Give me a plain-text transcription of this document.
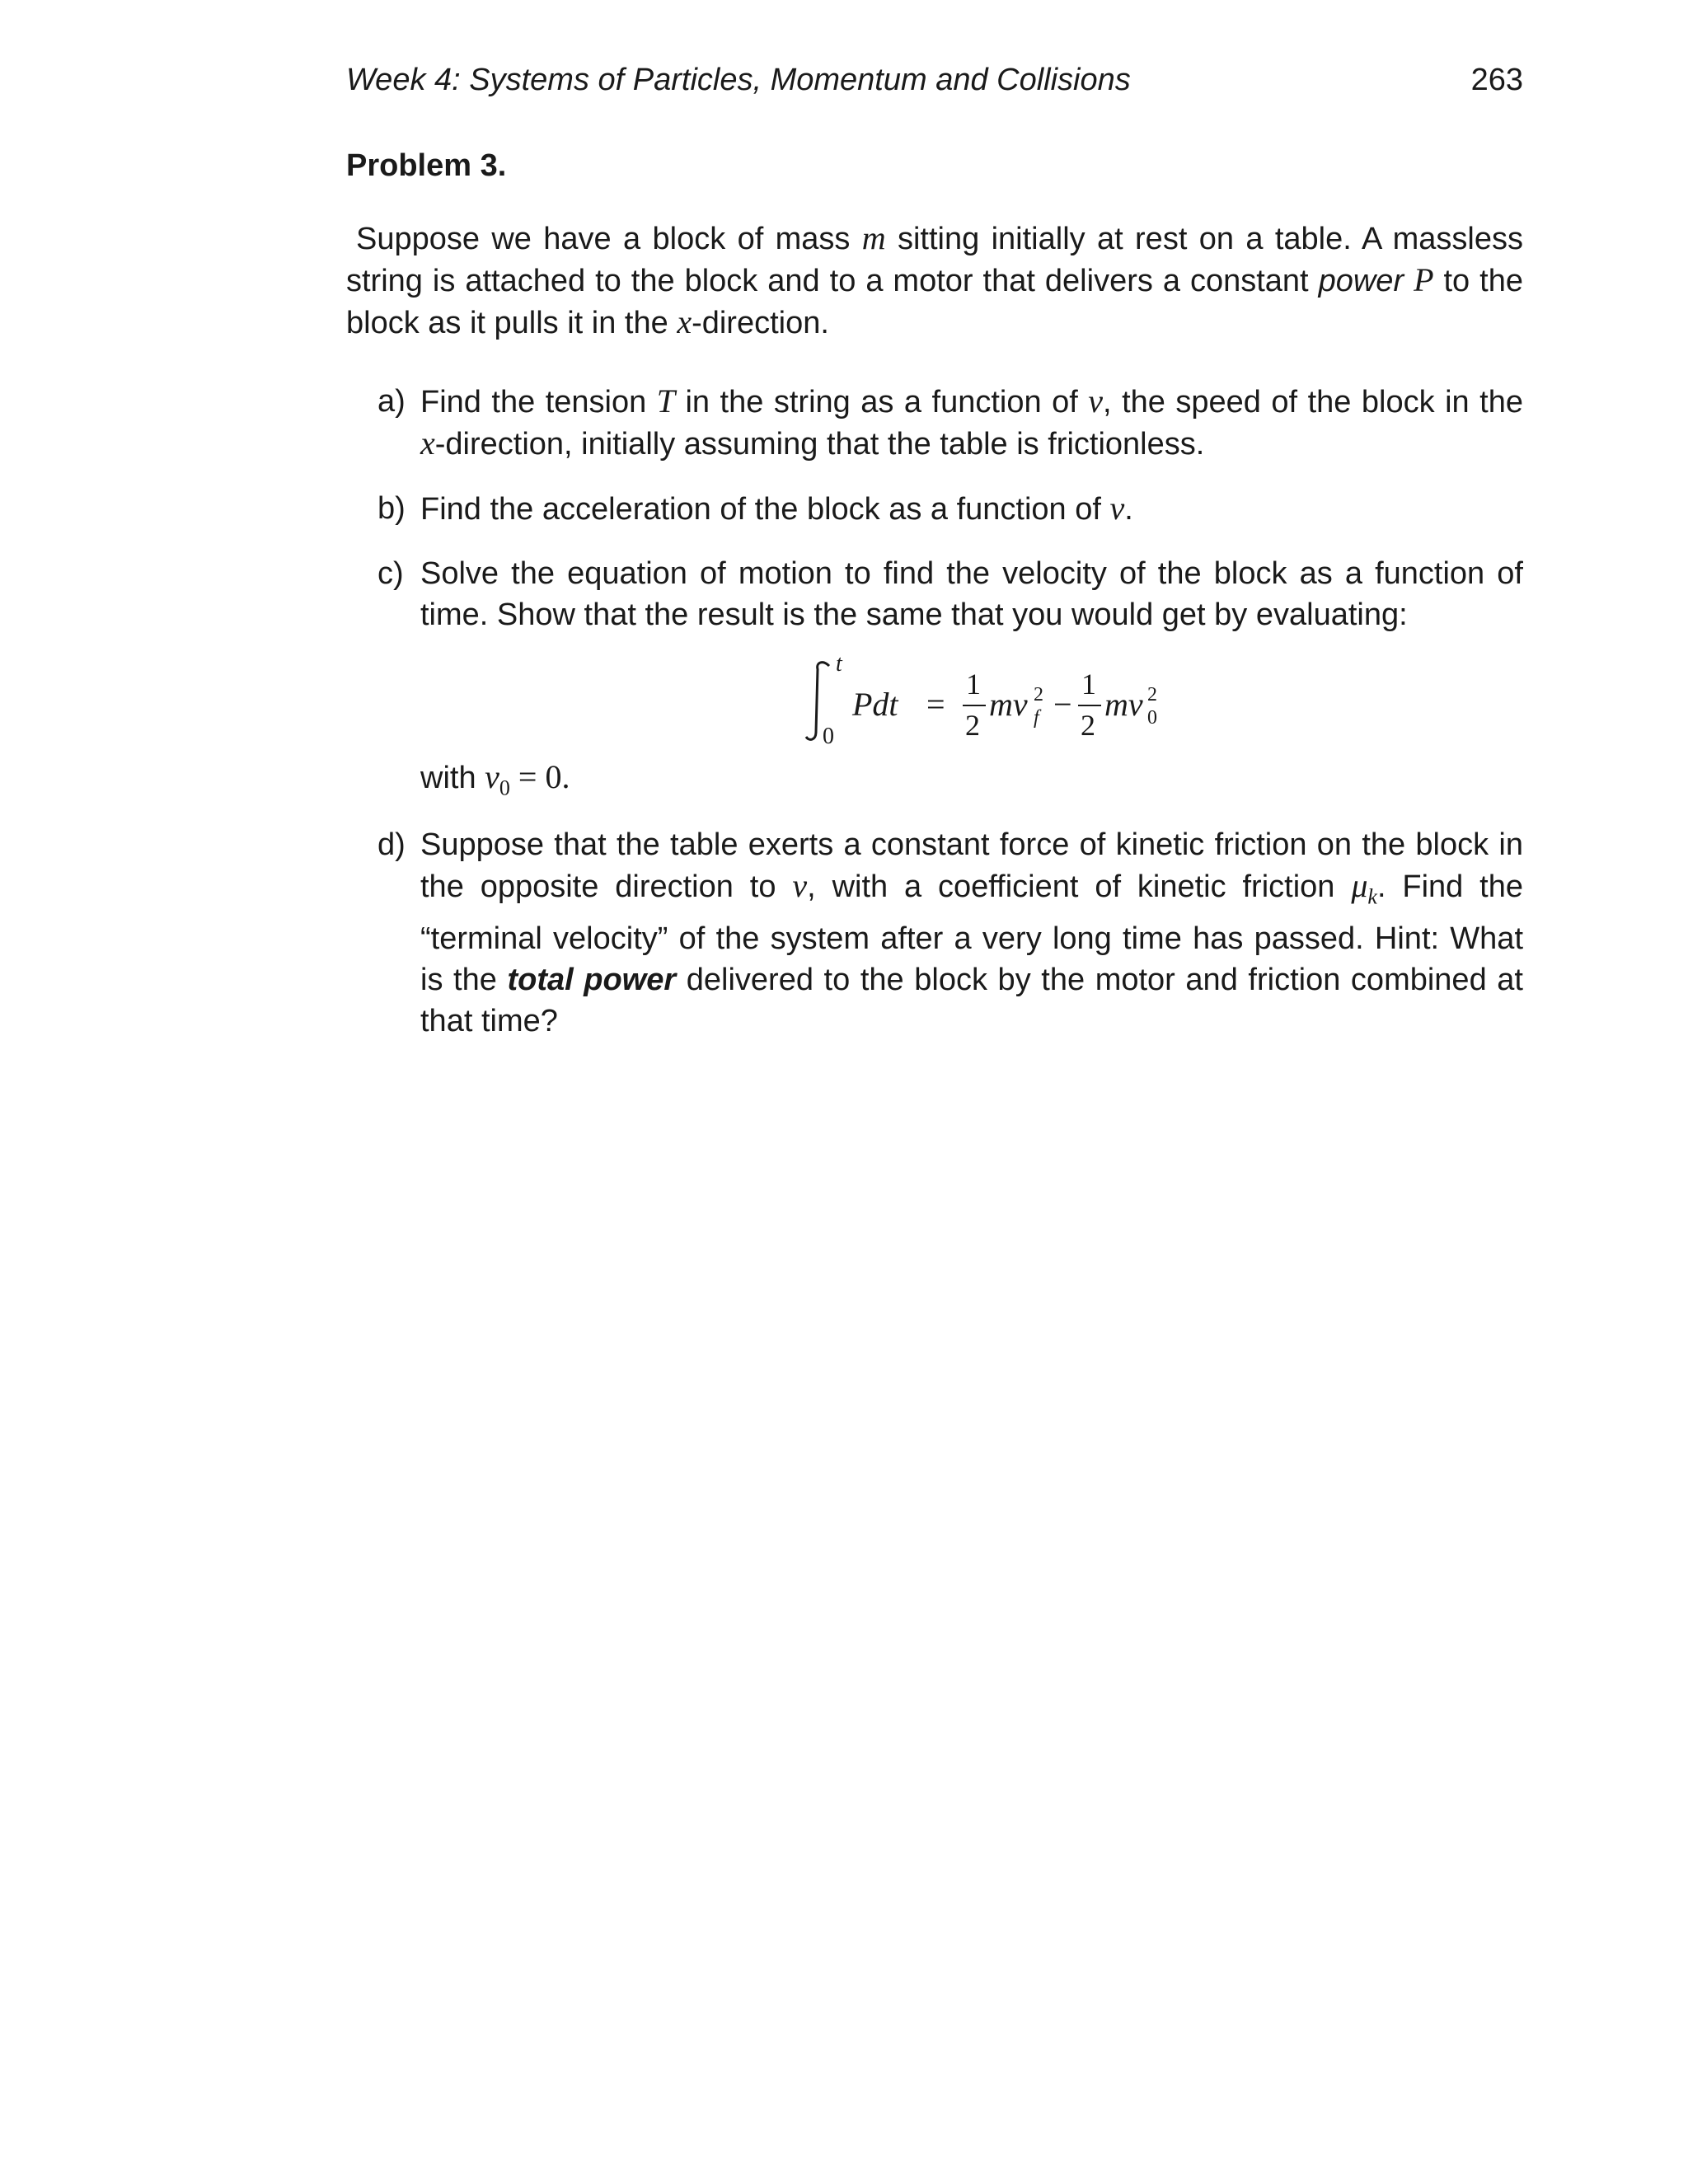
Week 4: Systems of Particles, Momentum and Collisions	263
Problem 3.
Suppose we have a block of mass m sitting initially at rest on a table. A massless string is attached to the block and to a motor that delivers a constant power P to the block as it pulls it in the x-direction.
a) Find the tension T in the string as a function of v, the speed of the block in the x-direction, initially assuming that the table is frictionless.
b) Find the acceleration of the block as a function of v.
c) Solve the equation of motion to find the velocity of the block as a function of time. Show that the result is the same that you would get by evaluating:
t
0
Pdt =
1
2
mv 2
f −
1
2
mv 2
0
with $v_0 = 0$.
d) Suppose that the table exerts a constant force of kinetic friction on the block in the opposite direction to v, with a coefficient of kinetic friction $\mu_k$. Find the “terminal velocity” of the system after a very long time has passed. Hint: What is the total power delivered to the block by the motor and friction combined at that time?
